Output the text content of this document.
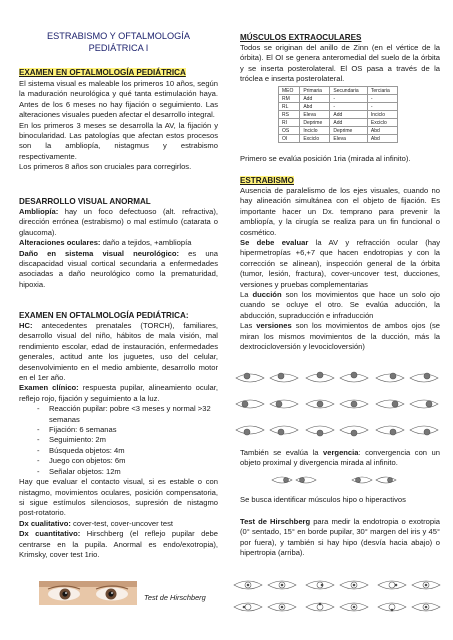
ESTRABISMO Y OFTALMOLOGÍA

PEDIÁTRICA I

EXAMEN EN OFTALMOLOGÍA PEDIÁTRICA

El sistema visual es maleable los primeros 10 años, según la maduración neurológica y qué tanta estimulación haya. Antes de los 6 meses no hay fijación o seguimiento. Las alteraciones visuales pueden afectar el desarrollo integral.

En los primeros 3 meses se desarrolla la AV, la fijación y binocularidad. Las patologías que afectan estos procesos son la ambliopía, nistagmus y estrabismo respectivamente.

Los primeros 8 años son cruciales para corregirlos.

DESARROLLO VISUAL ANORMAL

Ambliopía: hay un foco defectuoso (alt. refractiva), dirección errónea (estrabismo) o mal estímulo (catarata o glaucoma).

Alteraciones oculares: daño a tejidos, +ambliopía

Daño en sistema visual neurológico: es una discapacidad visual cortical secundaria a enfermedades asociadas a daño neurológico como la prematuridad, hipoxia.

EXAMEN EN OFTALMOLOGÍA PEDIÁTRICA:

HC: antecedentes prenatales (TORCH), familiares, desarrollo visual del niño, hábitos de mala visión, mal rendimiento escolar, edad de instauración, enfermedades generales, actitud ante los juguetes, uso del celular, desenvolvimiento en el medio ambiente, desarrollo motor en el 1er año.

Examen clínico: respuesta pupilar, alineamiento ocular, reflejo rojo, fijación y seguimiento a la luz.

- Reacción pupilar: pobre <3 meses y normal >32 semanas
- Fijación: 6 semanas
- Seguimiento: 2m
- Búsqueda objetos: 4m
- Juego con objetos: 6m
- Señalar objetos: 12m

Hay que evaluar el contacto visual, si es estable o con nistagmo, movimientos oculares, posición compensatoria, si sigue estímulos silenciosos, supresión de nistagmo post-rotatorio.

Dx cualitativo: cover-test, cover-uncover test

Dx cuantitativo: Hirschberg (el reflejo pupilar debe centrarse en la pupila. Anormal es endo/exotropia), Krimsky, cover test 1rio.

Test de Hirschberg

MÚSCULOS EXTRAOCULARES

Todos se originan del anillo de Zinn (en el vértice de la órbita). El OI se genera anteromedial del suelo de la órbita y se inserta posterolateral. El OS pasa a través de la tróclea e inserta posterolateral.

MEO	Primaria	Secundaria	Terciaria
RM	Add	-	-
RL	Abd	-	-
RS	Eleva	Add	Inciclo
RI	Deprime	Add	Exciclo
OS	Inciclo	Deprime	Abd
OI	Exciclo	Eleva	Abd

Primero se evalúa posición 1ria (mirada al infinito).

ESTRABISMO

Ausencia de paralelismo de los ejes visuales, cuando no hay alineación simultánea con el objeto de fijación. Es importante hacer un Dx. temprano para prevenir la ambliopía, y la cirugía se realiza para un fin funcional o cosmético.

Se debe evaluar la AV y refracción ocular (hay hipermetropías +6,+7 que hacen endotropias y con la corrección se alinean), inspección general de la órbita (tumor, lesión, fractura), cover-uncover test, ducciones, versiones y pruebas complementarias

La ducción son los movimientos que hace un solo ojo cuando se ocluye el otro. Se evalúa aducción, la abducción, supraducción e infraducción

Las versiones son los movimientos de ambos ojos (se miran los mismos movimientos de la ducción, más la dextrocicloversión y levocicloversión)

También se evalúa la vergencia: convergencia con un objeto proximal y divergencia mirada al infinito.

Se busca identificar músculos hipo o hiperactivos

Test de Hirschberg para medir la endotropia o exotropia (0° sentado, 15° en borde pupilar, 30° margen del iris y 45° por fuera), y también si hay hipo (desvía hacia abajo) o hipertropia (arriba).
